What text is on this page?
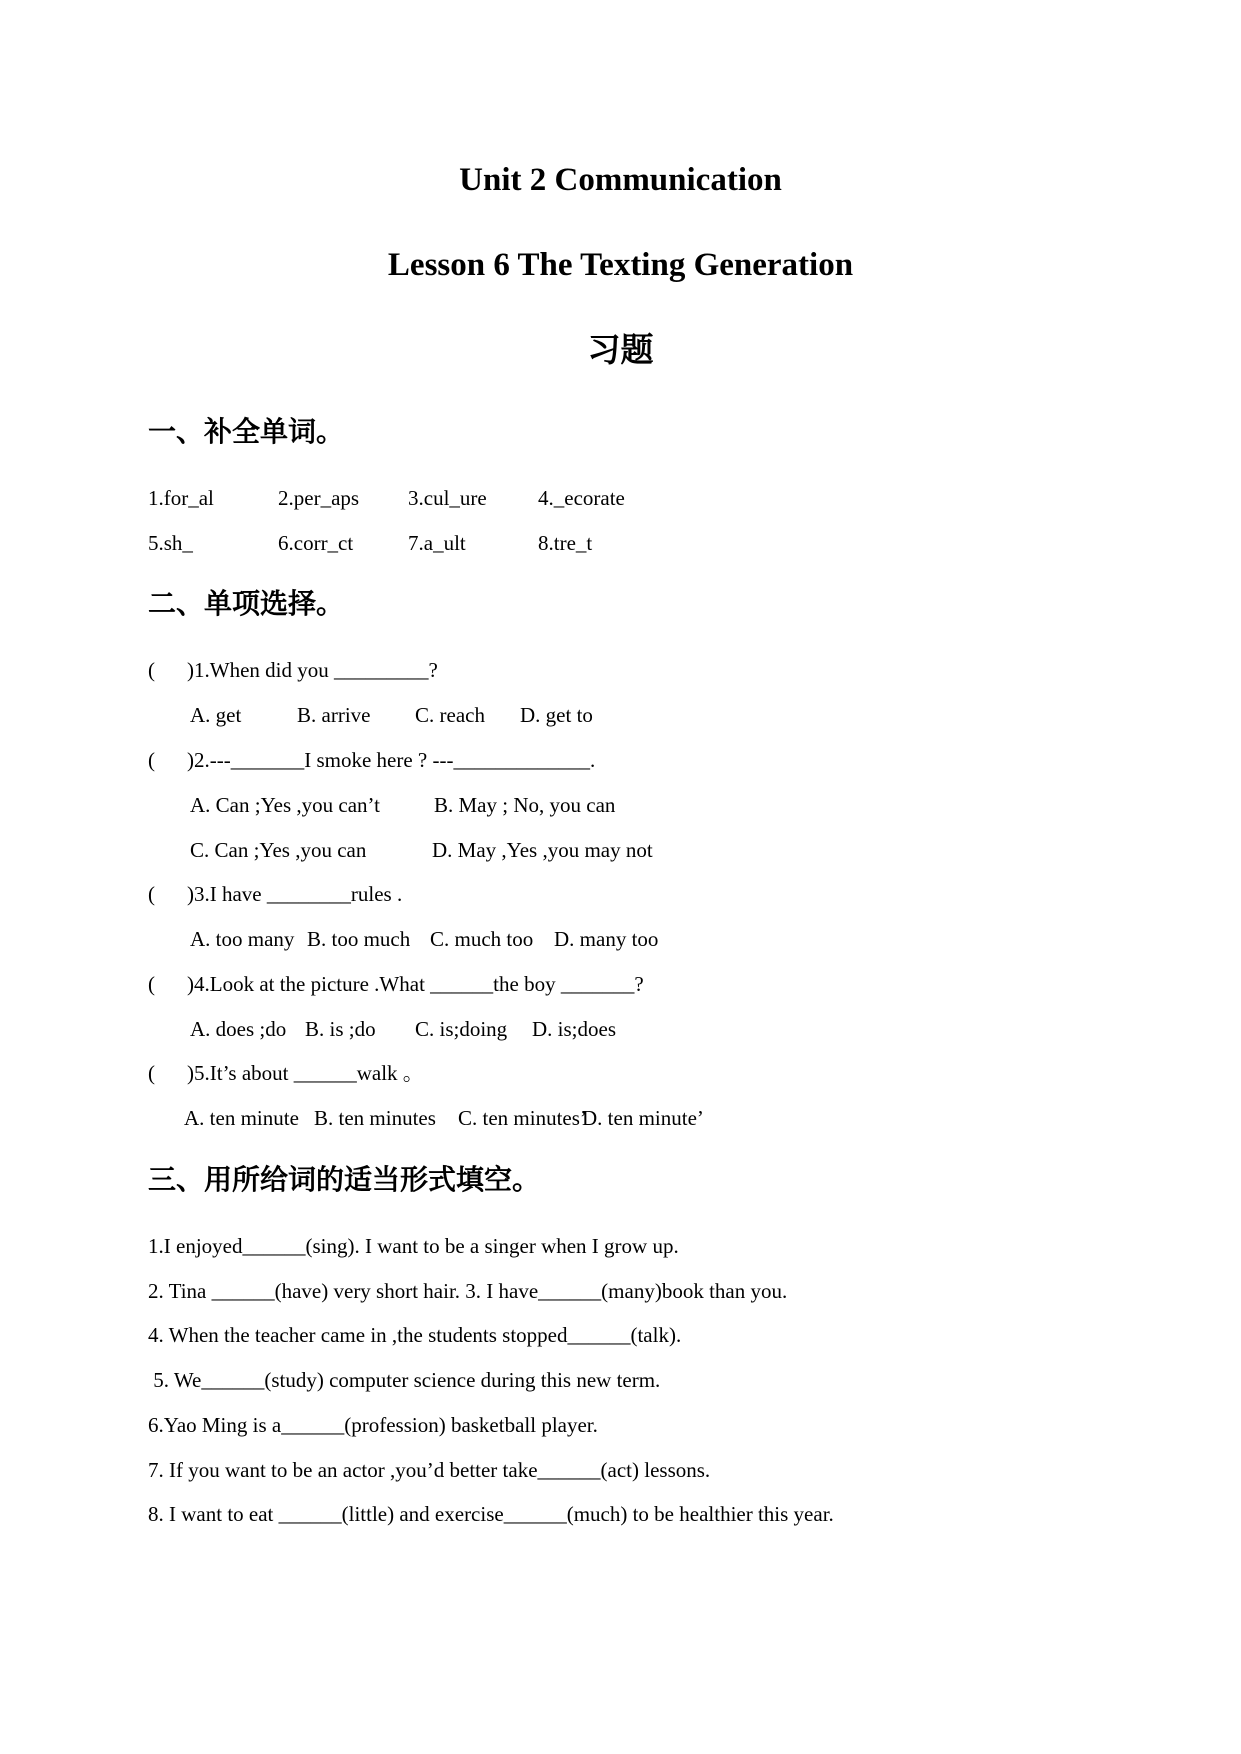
Unit 2 Communication
Lesson 6 The Texting Generation
习题
一、补全单词。
1.for_al	2.per_aps 3.cul_ure 4._ecorate
5.sh_	6.corr_ct	7.a_ult	8.tre_t
二、单项选择。
( )1.When did you _________?
A. get	B. arrive C. reach D. get to
( )2.---_______I smoke here ? ---_____________.
A. Can ;Yes ,you can’t	B. May ; No, you can
C. Can ;Yes ,you can	D. May ,Yes ,you may not
( )3.I have ________rules .
A. too many B. too much C. much too D. many too
( )4.Look at the picture .What ______the boy _______?
A. does ;do B. is ;do C. is;doing D. is;does
( )5.It’s about ______walk 。
A. ten minute B. ten minutes C. ten minutes’
D. ten minute’
三、用所给词的适当形式填空。
1.I enjoyed______(sing). I want to be a singer when I grow up.
2. Tina ______(have) very short hair. 3. I have______(many)book than you.
4. When the teacher came in ,the students stopped______(talk).
5. We______(study) computer science during this new term.
6.Yao Ming is a______(profession) basketball player.
7. If you want to be an actor ,you’d better take______(act) lessons.
8. I want to eat ______(little) and exercise______(much) to be healthier this year.
